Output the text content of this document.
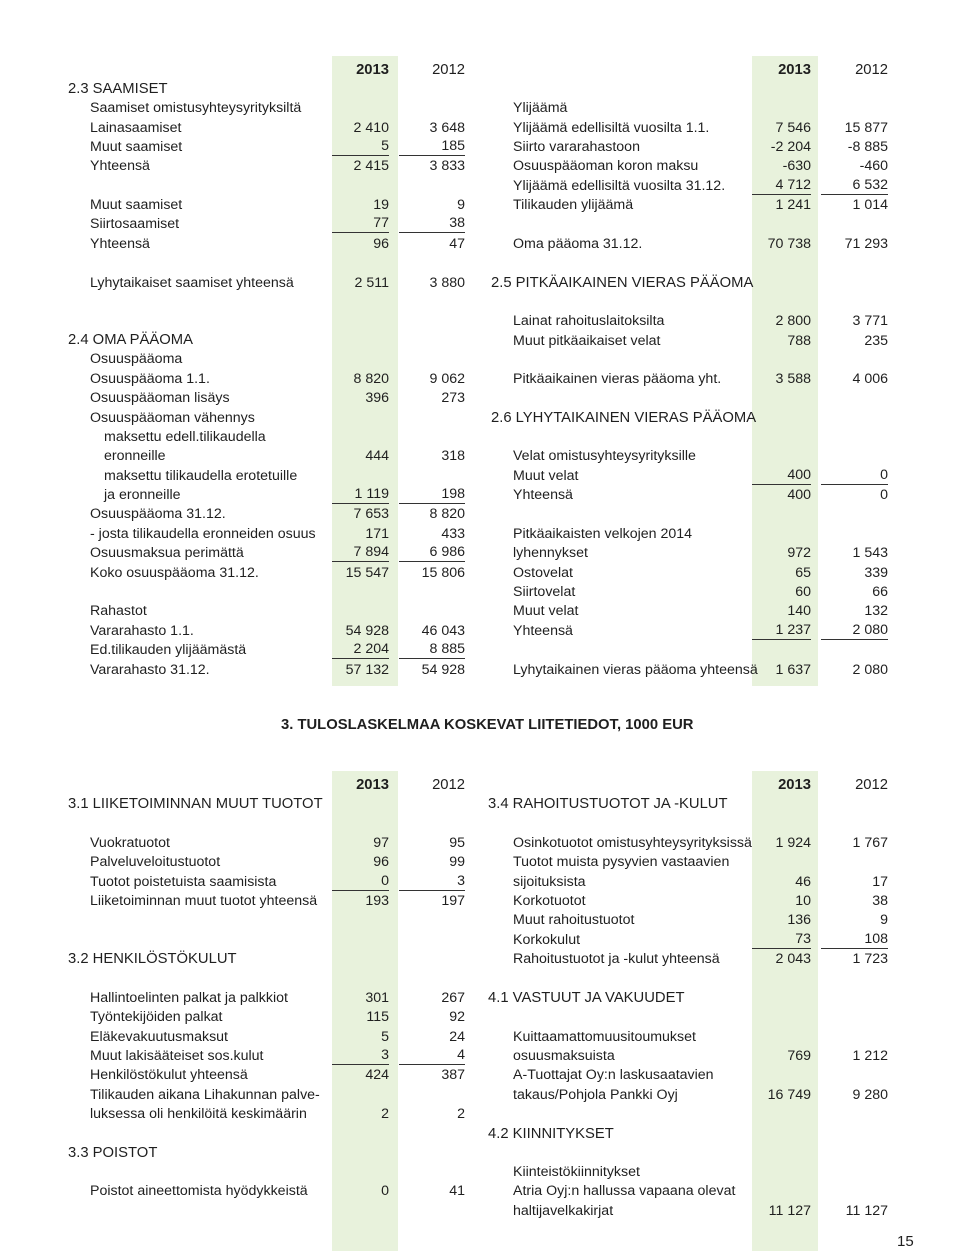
2013	2012
2.3 SAAMISET
Saamiset omistusyhteysyrityksiltä
Lainasaamiset	2 410	3 648
Muut saamiset	5	185
Yhteensä	2 415	3 833
Muut saamiset	19	9
Siirtosaamiset	77	38
Yhteensä	96	47
Lyhytaikaiset saamiset yhteensä	2 511	3 880
2.4 OMA PÄÄOMA
Osuuspääoma
Osuuspääoma 1.1.	8 820	9 062
Osuuspääoman lisäys	396	273
Osuuspääoman vähennys
maksettu edell.tilikaudella
eronneille	444	318
maksettu tilikaudella erotetuille
ja eronneille	1 119	198
Osuuspääoma 31.12.	7 653	8 820
- josta tilikaudella eronneiden osuus	171	433
Osuusmaksua perimättä	7 894	6 986
Koko osuuspääoma 31.12.	15 547	15 806
Rahastot
Vararahasto 1.1.	54 928	46 043
Ed.tilikauden ylijäämästä	2 204	8 885
Vararahasto 31.12.	57 132	54 928
2013	2012
Ylijäämä
Ylijäämä edellisiltä vuosilta 1.1.	7 546	15 877
Siirto vararahastoon	-2 204	-8 885
Osuuspääoman koron maksu	-630	-460
Ylijäämä edellisiltä vuosilta 31.12.	4 712	6 532
Tilikauden ylijäämä	1 241	1 014
Oma pääoma 31.12.	70 738	71 293
2.5 PITKÄAIKAINEN VIERAS PÄÄOMA
Lainat rahoituslaitoksilta	2 800	3 771
Muut pitkäaikaiset velat	788	235
Pitkäaikainen vieras pääoma yht.	3 588	4 006
2.6 LYHYTAIKAINEN VIERAS PÄÄOMA
Velat omistusyhteysyrityksille
Muut velat	400	0
Yhteensä	400	0
Pitkäaikaisten velkojen 2014
lyhennykset	972	1 543
Ostovelat	65	339
Siirtovelat	60	66
Muut velat	140	132
Yhteensä	1 237	2 080
Lyhytaikainen vieras pääoma yhteensä	1 637	2 080
3. TULOSLASKELMAA KOSKEVAT LIITETIEDOT, 1000 EUR
2013	2012
3.1 LIIKETOIMINNAN MUUT TUOTOT
Vuokratuotot	97	95
Palveluveloitustuotot	96	99
Tuotot poistetuista saamisista	0	3
Liiketoiminnan muut tuotot yhteensä	193	197
3.2 HENKILÖSTÖKULUT
Hallintoelinten palkat ja palkkiot	301	267
Työntekijöiden palkat	115	92
Eläkevakuutusmaksut	5	24
Muut lakisääteiset sos.kulut	3	4
Henkilöstökulut yhteensä	424	387
Tilikauden aikana Lihakunnan palve-
luksessa oli henkilöitä keskimäärin	2	2
3.3 POISTOT
Poistot aineettomista hyödykkeistä	0	41
2013	2012
3.4 RAHOITUSTUOTOT JA -KULUT
Osinkotuotot omistusyhteysyrityksissä	1 924	1 767
Tuotot muista pysyvien vastaavien
sijoituksista	46	17
Korkotuotot	10	38
Muut rahoitustuotot	136	9
Korkokulut	73	108
Rahoitustuotot ja -kulut yhteensä	2 043	1 723
4.1 VASTUUT JA VAKUUDET
Kuittaamattomuusitoumukset
osuusmaksuista	769	1 212
A-Tuottajat Oy:n laskusaatavien
takaus/Pohjola Pankki Oyj	16 749	9 280
4.2 KIINNITYKSET
Kiinteistökiinnitykset
Atria Oyj:n hallussa vapaana olevat
haltijavelkakirjat	11 127	11 127
15
